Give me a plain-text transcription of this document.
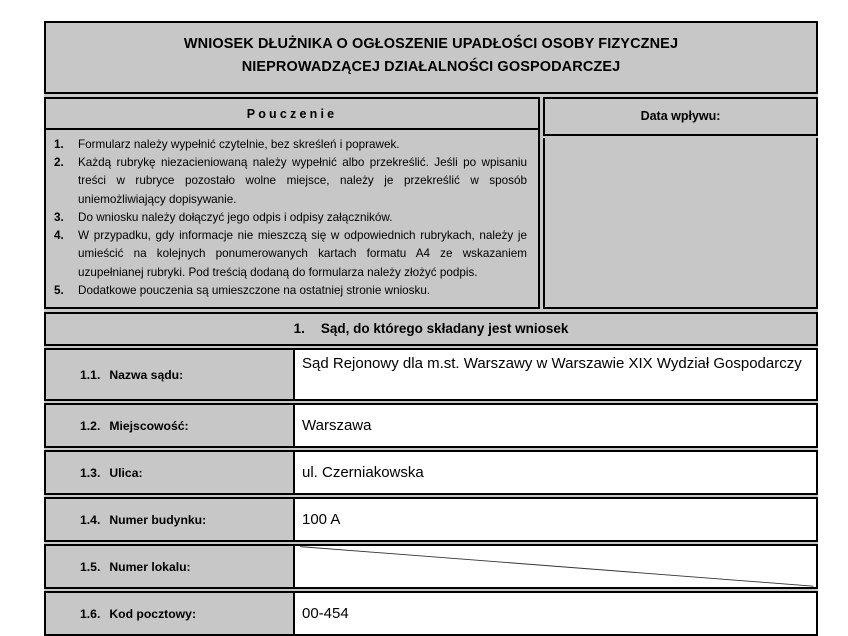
WNIOSEK DŁUŻNIKA O OGŁOSZENIE UPADŁOŚCI OSOBY FIZYCZNEJ
NIEPROWADZĄCEJ DZIAŁALNOŚCI GOSPODARCZEJ
Pouczenie
1.	Formularz należy wypełnić czytelnie, bez skreśleń i poprawek.
2.	Każdą rubrykę niezacieniowaną należy wypełnić albo przekreślić. Jeśli po wpisaniu treści w rubryce pozostało wolne miejsce, należy je przekreślić w sposób uniemożliwiający dopisywanie.
3.	Do wniosku należy dołączyć jego odpis i odpisy załączników.
4.	W przypadku, gdy informacje nie mieszczą się w odpowiednich rubrykach, należy je umieścić na kolejnych ponumerowanych kartach formatu A4 ze wskazaniem uzupełnianej rubryki. Pod treścią dodaną do formularza należy złożyć podpis.
5.	Dodatkowe pouczenia są umieszczone na ostatniej stronie wniosku.
Data wpływu:
1. Sąd, do którego składany jest wniosek
1.1. Nazwa sądu:
Sąd Rejonowy dla m.st. Warszawy w Warszawie XIX Wydział Gospodarczy
1.2. Miejscowość:	Warszawa
1.3. Ulica:	ul. Czerniakowska
1.4. Numer budynku:	100 A
1.5. Numer lokalu:
1.6. Kod pocztowy:	00-454
